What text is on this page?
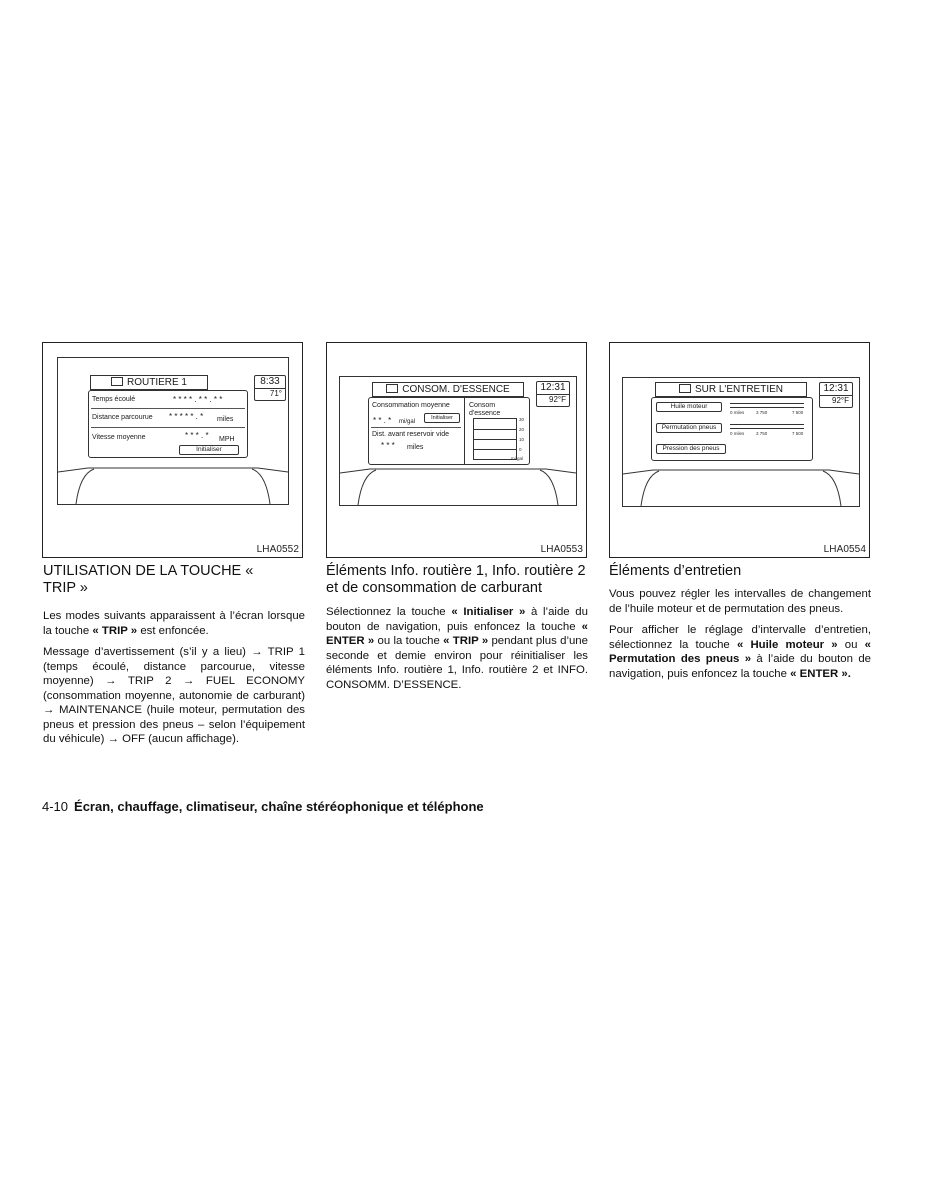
ROUTIERE 1	8:33
71°
Temps écoulé	* * * * . * * . * *
Distance parcourue * * * * * . * miles
Vitesse moyenne	* * * . * MPH
Initialiser
LHA0552
CONSOM. D'ESSENCE	12:31
92°F
Consommation moyenne
* * . * mi/gal
Initialiser
Dist. avant reservoir vide
* * * miles
Consom d'essence
30
20
10
0
mi/gal
LHA0553
SUR L'ENTRETIEN	12:31
92°F
Huile moteur
0 miles	3 750	7 500
Permutation pneus
0 miles	3 750	7 500
Pression des pneus
LHA0554
UTILISATION DE LA TOUCHE « TRIP »

Les modes suivants apparaissent à l’écran lorsque la touche « TRIP » est enfoncée.

Message d’avertissement (s’il y a lieu) → TRIP 1 (temps écoulé, distance parcourue, vitesse moyenne) → TRIP 2 → FUEL ECONOMY (consommation moyenne, autonomie de carburant) → MAINTENANCE (huile moteur, permutation des pneus et pression des pneus – selon l’équipement du véhicule) → OFF (aucun affichage).

Éléments Info. routière 1, Info. routière 2 et de consommation de carburant

Sélectionnez la touche « Initialiser » à l’aide du bouton de navigation, puis enfoncez la touche « ENTER » ou la touche « TRIP » pendant plus d’une seconde et demie environ pour réinitialiser les éléments Info. routière 1, Info. routière 2 et INFO. CONSOMM. D’ESSENCE.

Éléments d’entretien

Vous pouvez régler les intervalles de changement de l’huile moteur et de permutation des pneus.

Pour afficher le réglage d’intervalle d’entretien, sélectionnez la touche « Huile moteur » ou « Permutation des pneus » à l’aide du bouton de navigation, puis enfoncez la touche « ENTER ».

4-10 Écran, chauffage, climatiseur, chaîne stéréophonique et téléphone
